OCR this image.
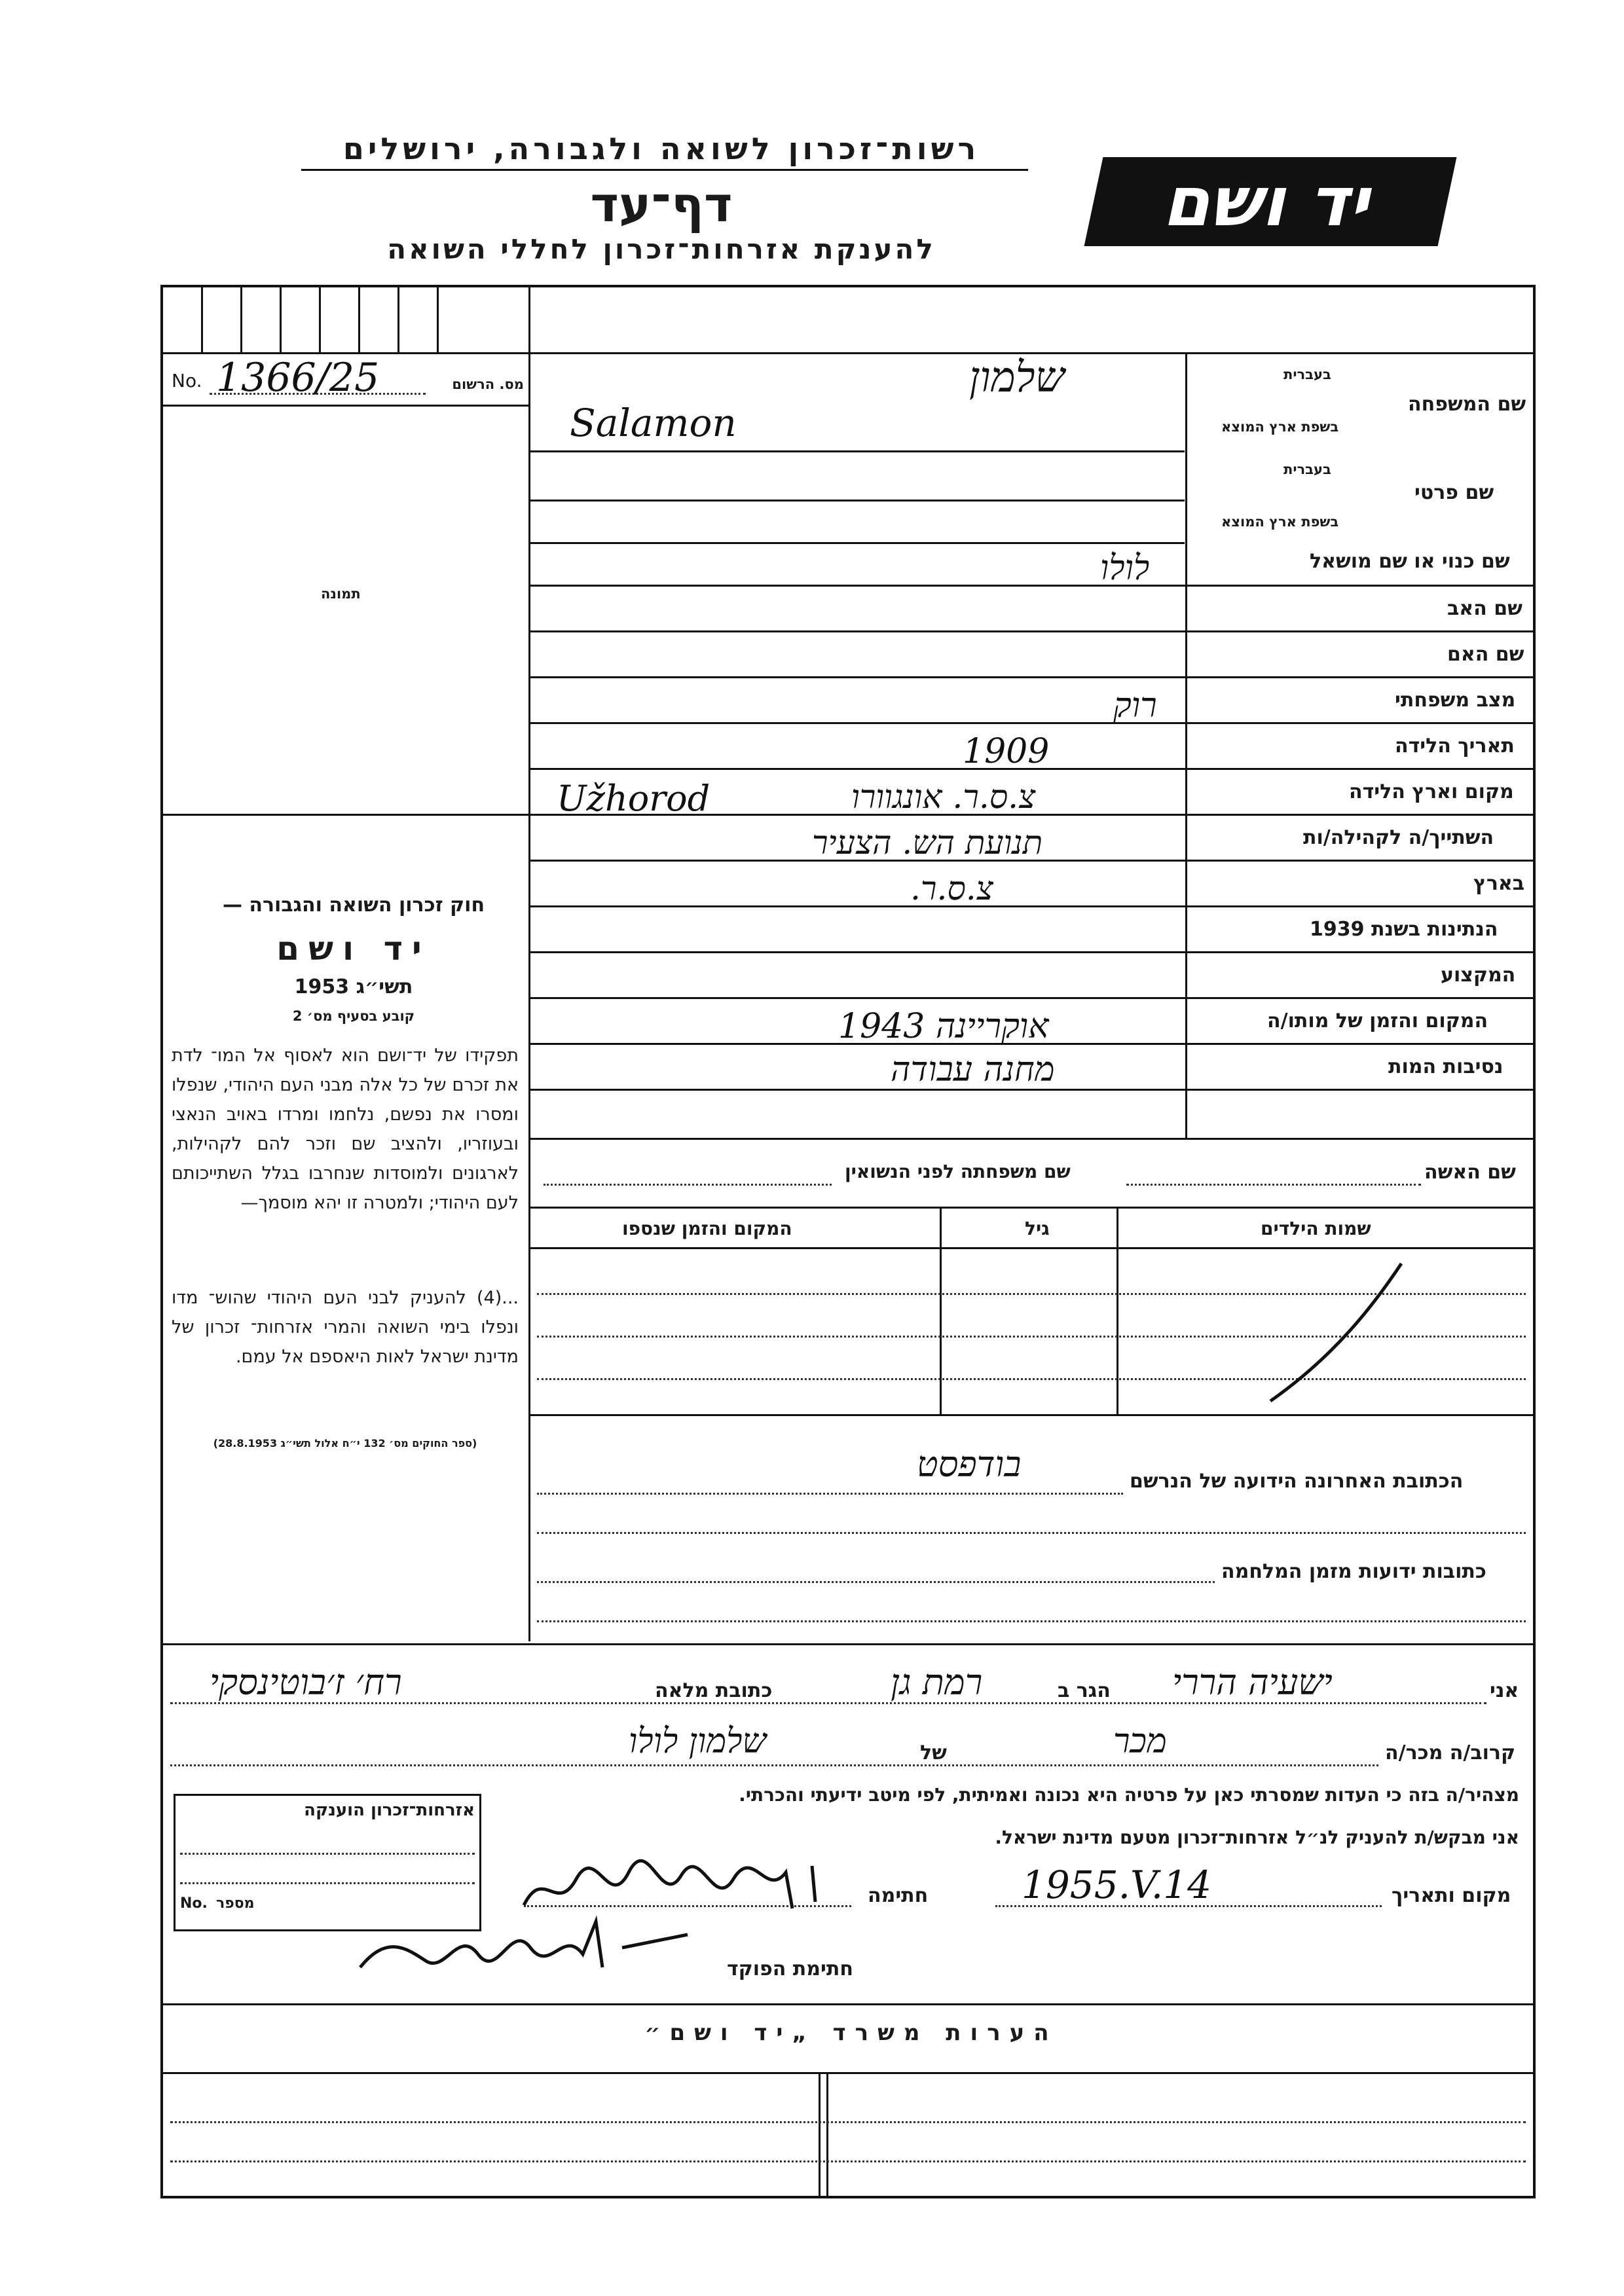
רשות־זכרון לשואה ולגבורה, ירושלים
דף־עד
להענקת אזרחות־זכרון לחללי השואה
יד ושם
No. 1366/25	מס. הרשום
תמונה
שם המשפחה
בעברית
בשפת ארץ המוצא
שלמון
Salamon
שם פרטי
בעברית
בשפת ארץ המוצא
שם כנוי או שם מושאל
לולו
שם האב
שם האם
מצב משפחתי
רוק
תאריך הלידה
1909
מקום וארץ הלידה
צ.ס.ר. אונגוורו
Užhorod
השתייך/ה לקהילה/ות
תנועת הש. הצעיר
בארץ
צ.ס.ר.
הנתינות בשנת 1939
המקצוע
המקום והזמן של מותו/ה
אוקריינה 1943
נסיבות המות
מחנה עבודה
חוק זכרון השואה והגבורה —
יד ושם
תשי״ג 1953
קובע בסעיף מס׳ 2
תפקידו של יד־ושם הוא לאסוף אל המו־ לדת את זכרם של כל אלה מבני העם היהודי, שנפלו ומסרו את נפשם, נלחמו ומרדו באויב הנאצי ובעוזריו, ולהציב שם וזכר להם לקהילות, לארגונים ולמוסדות שנחרבו בגלל השתייכותם לעם היהודי; ולמטרה זו יהא מוסמך—
...(4) להעניק לבני העם היהודי שהוש־ מדו ונפלו בימי השואה והמרי אזרחות־ זכרון של מדינת ישראל לאות היאספם אל עמם.
(ספר החוקים מס׳ 132 י״ח אלול תשי״ג 28.8.1953)
שם האשה
שם משפחתה לפני הנשואין
שמות הילדים
גיל
המקום והזמן שנספו
הכתובת האחרונה הידועה של הנרשם
בודפסט
כתובות ידועות מזמן המלחמה
אני
ישעיה הררי
הגר ב
רמת גן
כתובת מלאה
רח׳ ז׳בוטינסקי
קרוב/ה מכר/ה
מכר
של
שלמון לולו
מצהיר/ה בזה כי העדות שמסרתי כאן על פרטיה היא נכונה ואמיתית, לפי מיטב ידיעתי והכרתי.
אני מבקש/ת להעניק לנ״ל אזרחות־זכרון מטעם מדינת ישראל.
מקום ותאריך
1955.V.14
חתימה
חתימת הפוקד
אזרחות־זכרון הוענקה
No. מספר
הערות משרד „יד ושם״
